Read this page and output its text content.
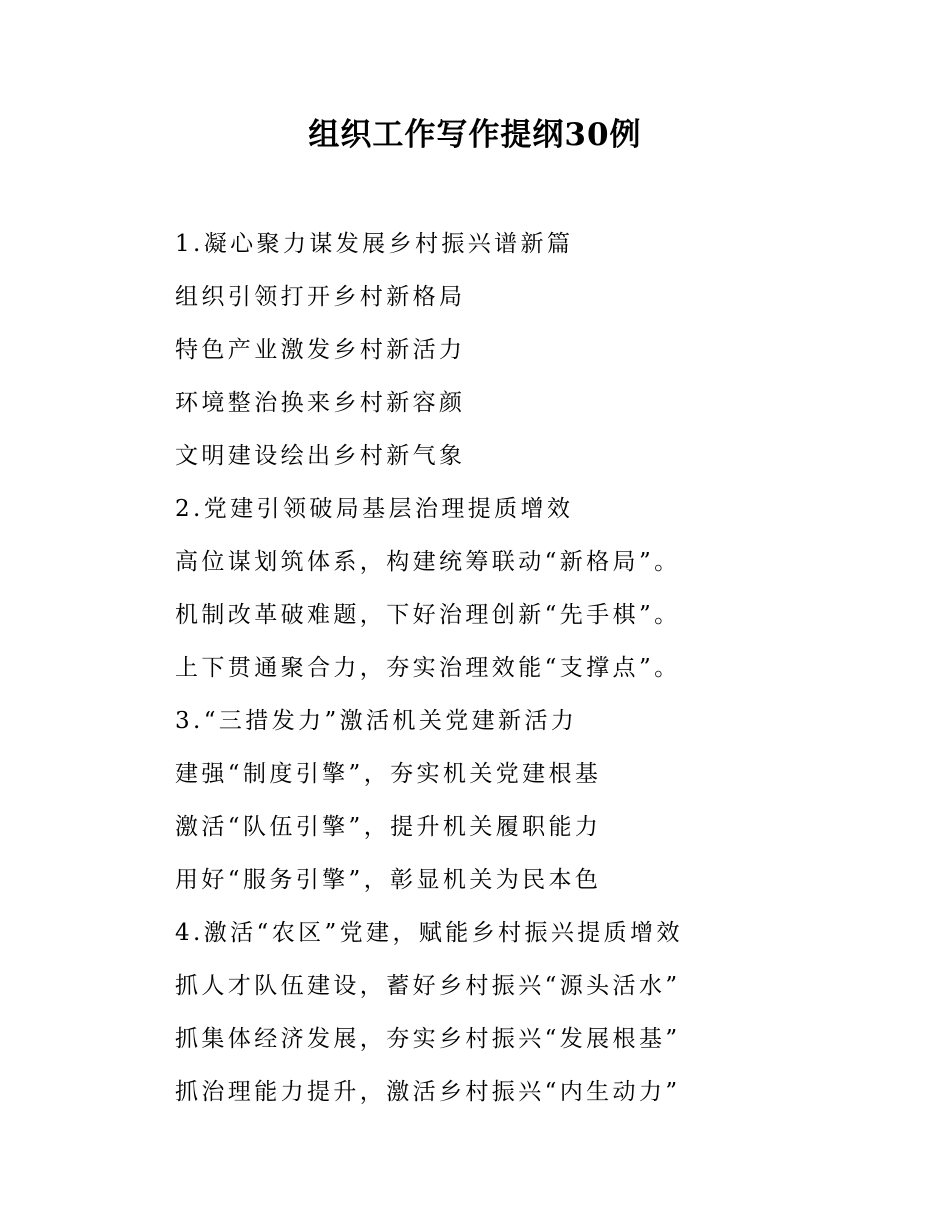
组织工作写作提纲30例
1.凝心聚力谋发展乡村振兴谱新篇
组织引领打开乡村新格局
特色产业激发乡村新活力
环境整治换来乡村新容颜
文明建设绘出乡村新气象
2.党建引领破局基层治理提质增效
高位谋划筑体系，构建统筹联动“新格局”。
机制改革破难题，下好治理创新“先手棋”。
上下贯通聚合力，夯实治理效能“支撑点”。
3.“三措发力”激活机关党建新活力
建强“制度引擎”，夯实机关党建根基
激活“队伍引擎”，提升机关履职能力
用好“服务引擎”，彰显机关为民本色
4.激活“农区”党建，赋能乡村振兴提质增效
抓人才队伍建设，蓄好乡村振兴“源头活水”
抓集体经济发展，夯实乡村振兴“发展根基”
抓治理能力提升，激活乡村振兴“内生动力”
